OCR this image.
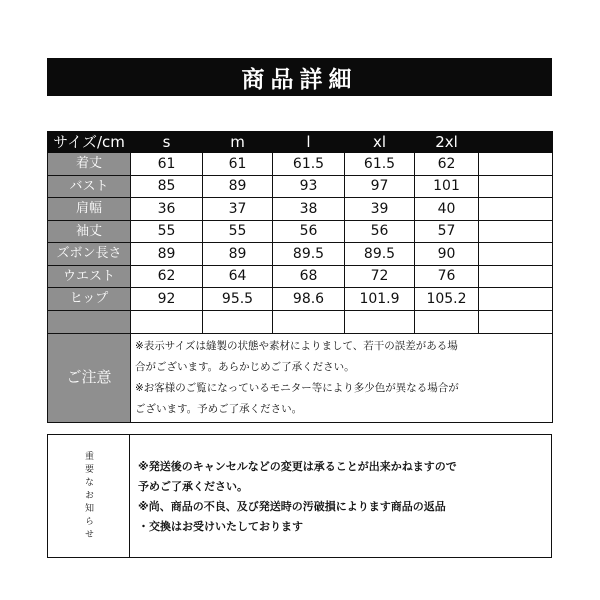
商品詳細
サイズ/cm	s	m	l	xl	2xl	
着丈	61	61	61.5	61.5	62	
バスト	85	89	93	97	101	
肩幅	36	37	38	39	40	
袖丈	55	55	56	56	57	
ズボン長さ	89	89	89.5	89.5	90	
ウエスト	62	64	68	72	76	
ヒップ	92	95.5	98.6	101.9	105.2	

ご注意	※表示サイズは縫製の状態や素材によりまして、若干の誤差がある場
合がございます。あらかじめご了承ください。
※お客様のご覧になっているモニター等により多少色が異なる場合が
ございます。予めご了承ください。					
重要なお知らせ	※発送後のキャンセルなどの変更は承ることが出来かねますので
予めご了承ください。
※尚、商品の不良、及び発送時の汚破損によります商品の返品
・交換はお受けいたしております
